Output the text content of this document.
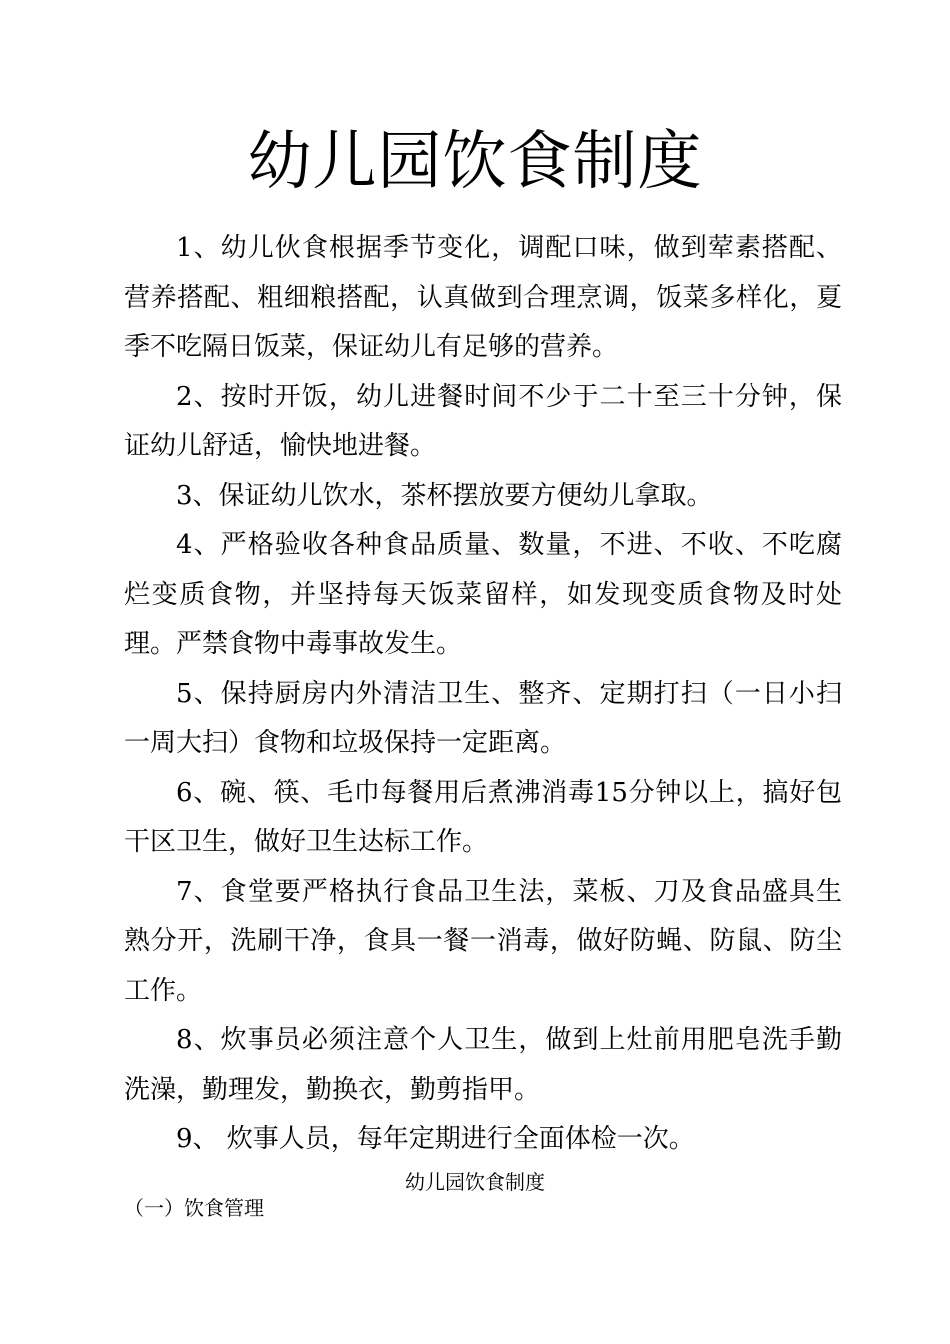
幼儿园饮食制度

1、幼儿伙食根据季节变化，调配口味，做到荤素搭配、营养搭配、粗细粮搭配，认真做到合理烹调，饭菜多样化，夏季不吃隔日饭菜，保证幼儿有足够的营养。

2、按时开饭，幼儿进餐时间不少于二十至三十分钟，保证幼儿舒适，愉快地进餐。

3、保证幼儿饮水，茶杯摆放要方便幼儿拿取。

4、严格验收各种食品质量、数量，不进、不收、不吃腐烂变质食物，并坚持每天饭菜留样，如发现变质食物及时处理。严禁食物中毒事故发生。

5、保持厨房内外清洁卫生、整齐、定期打扫（一日小扫一周大扫）食物和垃圾保持一定距离。

6、碗、筷、毛巾每餐用后煮沸消毒15分钟以上，搞好包干区卫生，做好卫生达标工作。

7、食堂要严格执行食品卫生法，菜板、刀及食品盛具生熟分开，洗刷干净，食具一餐一消毒，做好防蝇、防鼠、防尘工作。

8、炊事员必须注意个人卫生，做到上灶前用肥皂洗手勤洗澡，勤理发，勤换衣，勤剪指甲。

9、 炊事人员，每年定期进行全面体检一次。

幼儿园饮食制度
（一）饮食管理
